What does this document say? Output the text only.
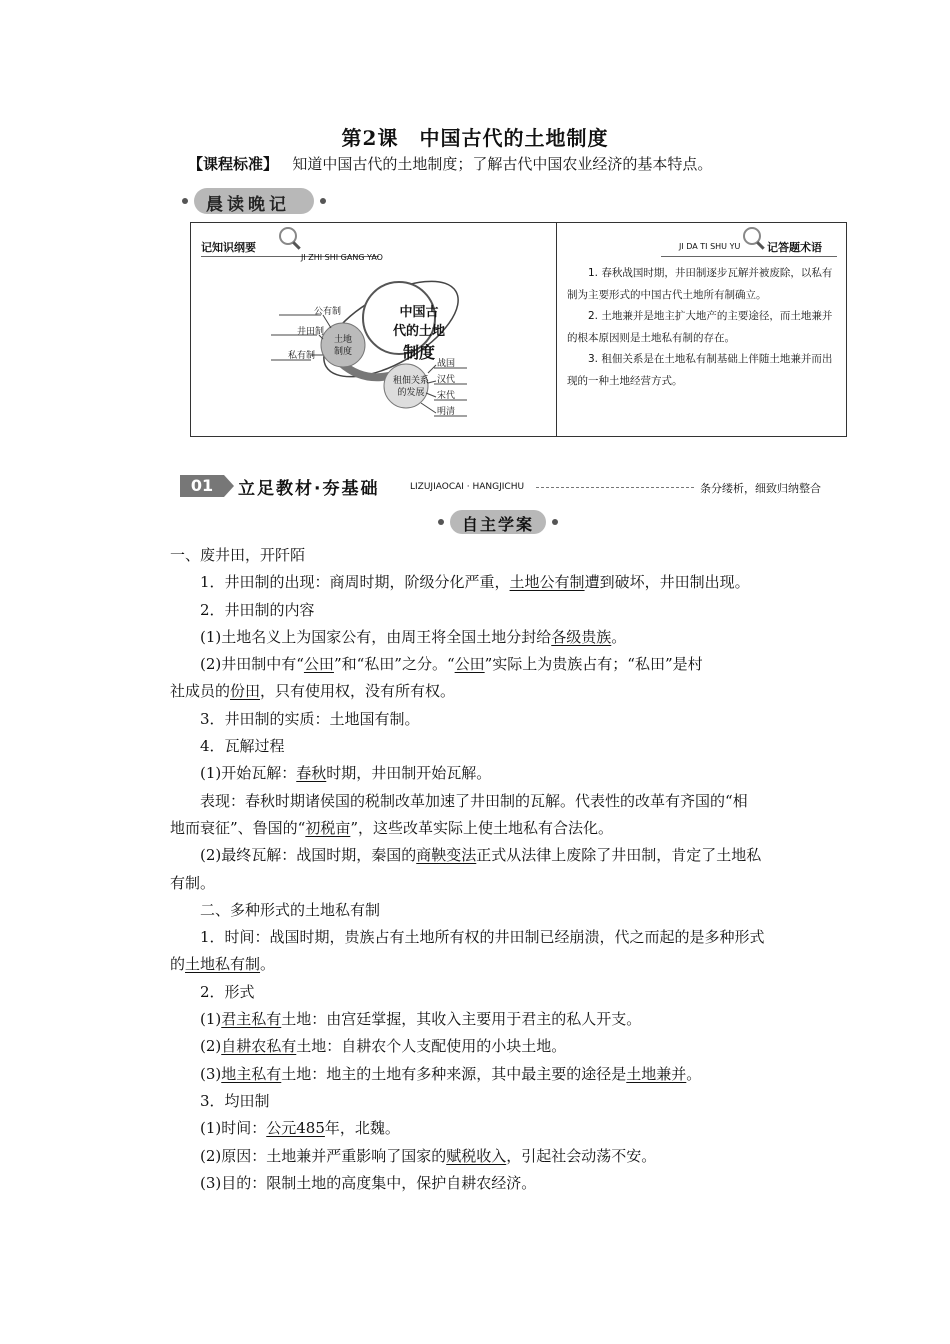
第2课　中国古代的土地制度
【课程标准】 知道中国古代的土地制度；了解古代中国农业经济的基本特点。
晨读晚记
记知识纲要
JI ZHI SHI GANG YAO
公有制
井田制
私有制
土地
制度
中国古
代的土地
制度
租佃关系
的发展
战国
汉代
宋代
明清
JI DA TI SHU YU 记答题术语

1. 春秋战国时期，井田制逐步瓦解并被废除，以私有制为主要形式的中国古代土地所有制确立。

2. 土地兼并是地主扩大地产的主要途径，而土地兼并的根本原因则是土地私有制的存在。

3. 租佃关系是在土地私有制基础上伴随土地兼并而出现的一种土地经营方式。

01	立足教材·夯基础	LIZUJIAOCAI · HANGJICHU	条分缕析，细致归纳整合
自主学案

一、废井田，开阡陌

1．井田制的出现：商周时期，阶级分化严重，土地公有制遭到破坏，井田制出现。

2．井田制的内容

(1)土地名义上为国家公有，由周王将全国土地分封给各级贵族。

(2)井田制中有“公田”和“私田”之分。“公田”实际上为贵族占有；“私田”是村

社成员的份田，只有使用权，没有所有权。

3．井田制的实质：土地国有制。

4．瓦解过程

(1)开始瓦解：春秋时期，井田制开始瓦解。

表现：春秋时期诸侯国的税制改革加速了井田制的瓦解。代表性的改革有齐国的“相

地而衰征”、鲁国的“初税亩”，这些改革实际上使土地私有合法化。

(2)最终瓦解：战国时期，秦国的商鞅变法正式从法律上废除了井田制，肯定了土地私

有制。

二、多种形式的土地私有制

1．时间：战国时期，贵族占有土地所有权的井田制已经崩溃，代之而起的是多种形式

的土地私有制。

2．形式

(1)君主私有土地：由宫廷掌握，其收入主要用于君主的私人开支。

(2)自耕农私有土地：自耕农个人支配使用的小块土地。

(3)地主私有土地：地主的土地有多种来源，其中最主要的途径是土地兼并。

3．均田制

(1)时间：公元485年，北魏。

(2)原因：土地兼并严重影响了国家的赋税收入，引起社会动荡不安。

(3)目的：限制土地的高度集中，保护自耕农经济。
